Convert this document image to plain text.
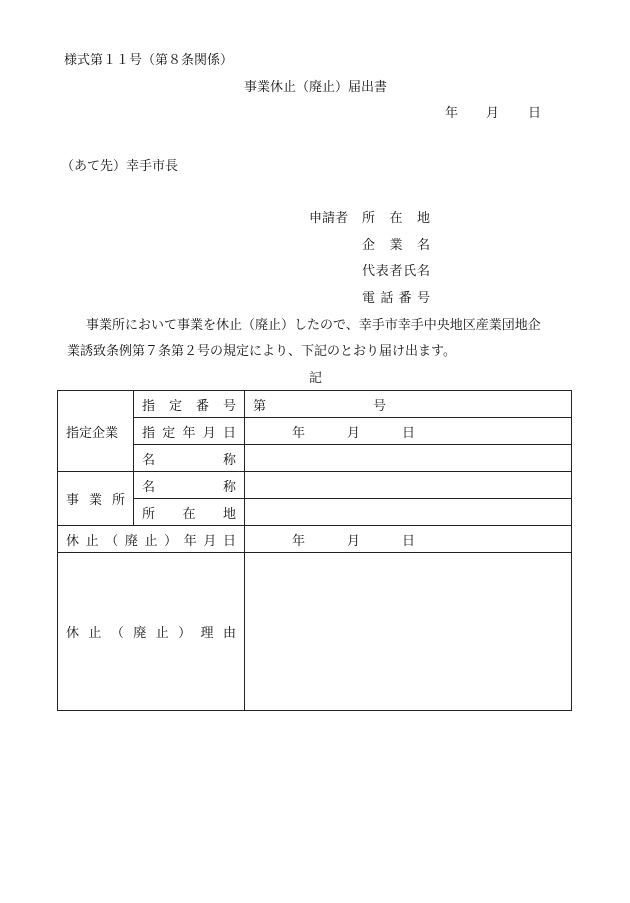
様式第１１号（第８条関係）
事業休止（廃止）届出書
年 月 日
（あて先）幸手市長
申請者 所在地
企業名
代表者氏名
電話番号
事業所において事業を休止（廃止）したので、幸手市幸手中央地区産業団地企
業誘致条例第７条第２号の規定により、下記のとおり届け出ます。
記
指定企業	指定番号	第 号
	指定年月日	年 月 日
	名称	
事業所	名称	
	所在地	
休止（廃止）年月日		年 月 日
休止（廃止）理由		
